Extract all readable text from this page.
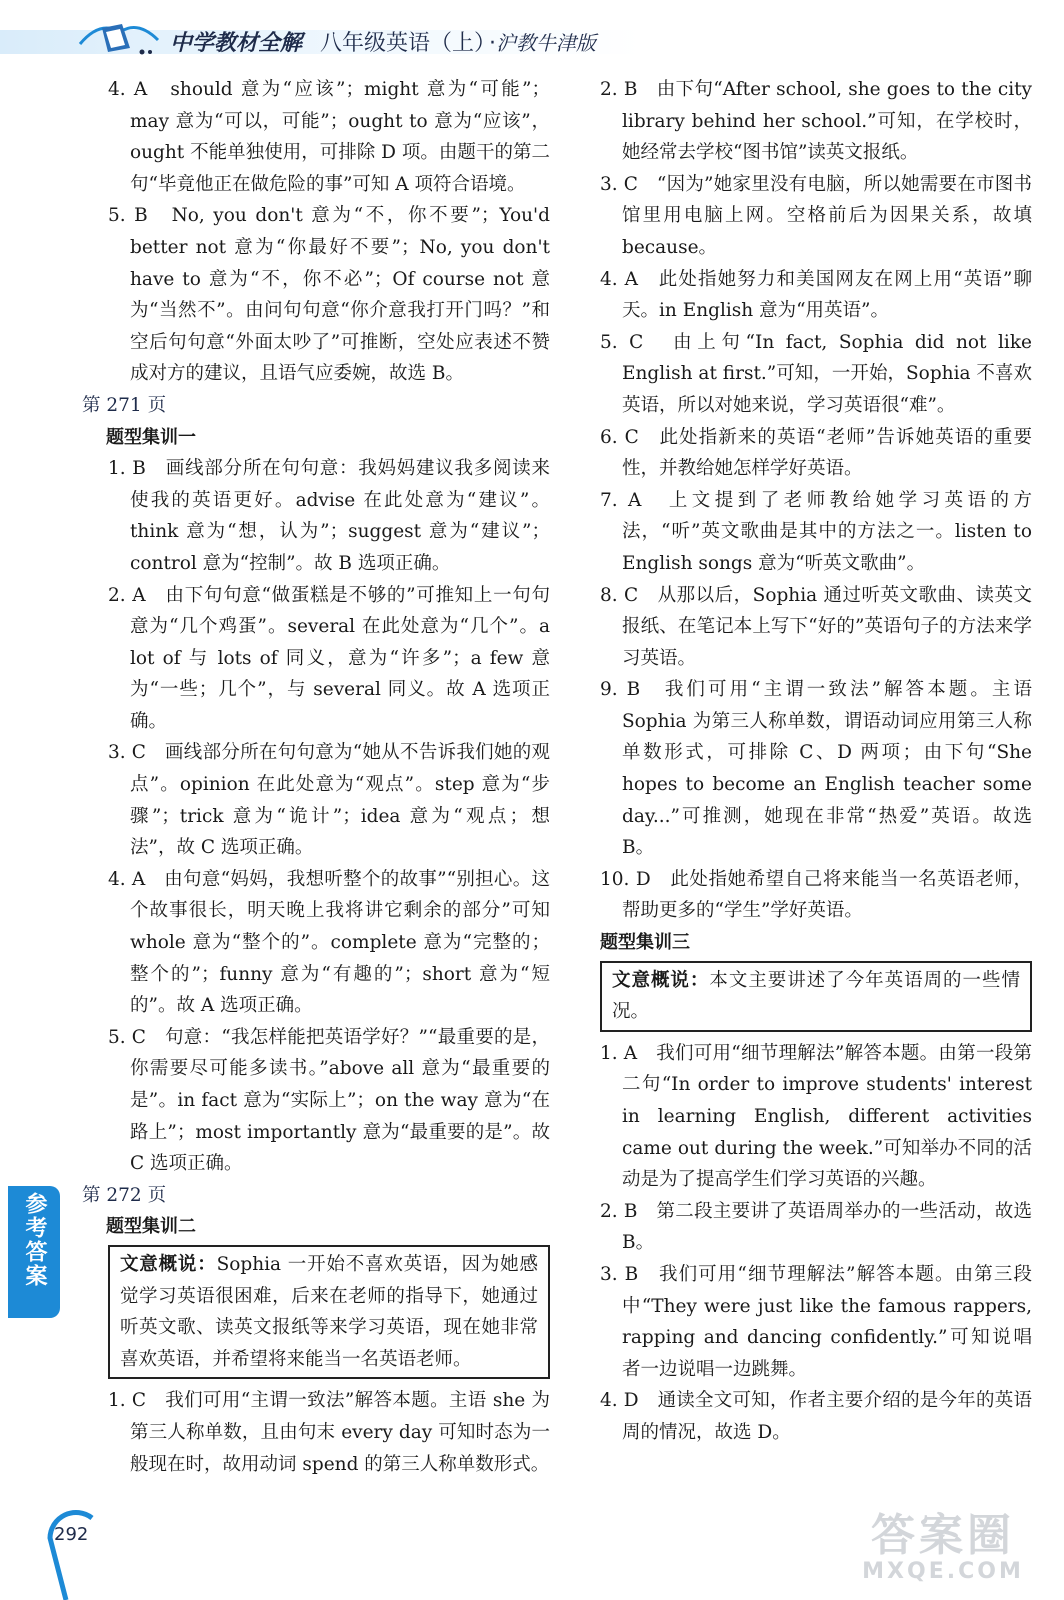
中学教材全解 八年级英语（上） ·沪教牛津版

4. A　should 意为“应该”；might 意为“可能”；may 意为“可以，可能”；ought to 意为“应该”，ought 不能单独使用，可排除 D 项。由题干的第二句“毕竟他正在做危险的事”可知 A 项符合语境。

5. B　No, you don't 意为“不，你不要”；You'd better not 意为“你最好不要”；No, you don't have to 意为“不，你不必”；Of course not 意为“当然不”。由问句句意“你介意我打开门吗？”和空后句句意“外面太吵了”可推断，空处应表述不赞成对方的建议，且语气应委婉，故选 B。

第 271 页

题型集训一

1. B　画线部分所在句句意：我妈妈建议我多阅读来使我的英语更好。advise 在此处意为“建议”。think 意为“想，认为”；suggest 意为“建议”；control 意为“控制”。故 B 选项正确。

2. A　由下句句意“做蛋糕是不够的”可推知上一句句意为“几个鸡蛋”。several 在此处意为“几个”。a lot of 与 lots of 同义，意为“许多”；a few 意为“一些；几个”，与 several 同义。故 A 选项正确。

3. C　画线部分所在句句意为“她从不告诉我们她的观点”。opinion 在此处意为“观点”。step 意为“步骤”；trick 意为“诡计”；idea 意为“观点；想法”，故 C 选项正确。

4. A　由句意“妈妈，我想听整个的故事”“别担心。这个故事很长，明天晚上我将讲它剩余的部分”可知 whole 意为“整个的”。complete 意为“完整的；整个的”；funny 意为“有趣的”；short 意为“短的”。故 A 选项正确。

5. C　句意：“我怎样能把英语学好？”“最重要的是，你需要尽可能多读书。”above all 意为“最重要的是”。in fact 意为“实际上”；on the way 意为“在路上”；most importantly 意为“最重要的是”。故 C 选项正确。

第 272 页

题型集训二

文意概说：Sophia 一开始不喜欢英语，因为她感觉学习英语很困难，后来在老师的指导下，她通过听英文歌、读英文报纸等来学习英语，现在她非常喜欢英语，并希望将来能当一名英语老师。

1. C　我们可用“主谓一致法”解答本题。主语 she 为第三人称单数，且由句末 every day 可知时态为一般现在时，故用动词 spend 的第三人称单数形式。

2. B　由下句“After school, she goes to the city library behind her school.”可知，在学校时，她经常去学校“图书馆”读英文报纸。

3. C　“因为”她家里没有电脑，所以她需要在市图书馆里用电脑上网。空格前后为因果关系，故填 because。

4. A　此处指她努力和美国网友在网上用“英语”聊天。in English 意为“用英语”。

5. C　由上句“In fact, Sophia did not like English at first.”可知，一开始，Sophia 不喜欢英语，所以对她来说，学习英语很“难”。

6. C　此处指新来的英语“老师”告诉她英语的重要性，并教给她怎样学好英语。

7. A　上文提到了老师教给她学习英语的方法，“听”英文歌曲是其中的方法之一。listen to English songs 意为“听英文歌曲”。

8. C　从那以后，Sophia 通过听英文歌曲、读英文报纸、在笔记本上写下“好的”英语句子的方法来学习英语。

9. B　我们可用“主谓一致法”解答本题。主语 Sophia 为第三人称单数，谓语动词应用第三人称单数形式，可排除 C、D 两项；由下句“She hopes to become an English teacher some day...”可推测，她现在非常“热爱”英语。故选 B。

10. D　此处指她希望自己将来能当一名英语老师，帮助更多的“学生”学好英语。

题型集训三

文意概说：本文主要讲述了今年英语周的一些情况。

1. A　我们可用“细节理解法”解答本题。由第一段第二句“In order to improve students' interest in learning English, different activities came out during the week.”可知举办不同的活动是为了提高学生们学习英语的兴趣。

2. B　第二段主要讲了英语周举办的一些活动，故选 B。

3. B　我们可用“细节理解法”解答本题。由第三段中“They were just like the famous rappers, rapping and dancing confidently.”可知说唱者一边说唱一边跳舞。

4. D　通读全文可知，作者主要介绍的是今年的英语周的情况，故选 D。

参考答案
292	答案圈
MXQE.COM
